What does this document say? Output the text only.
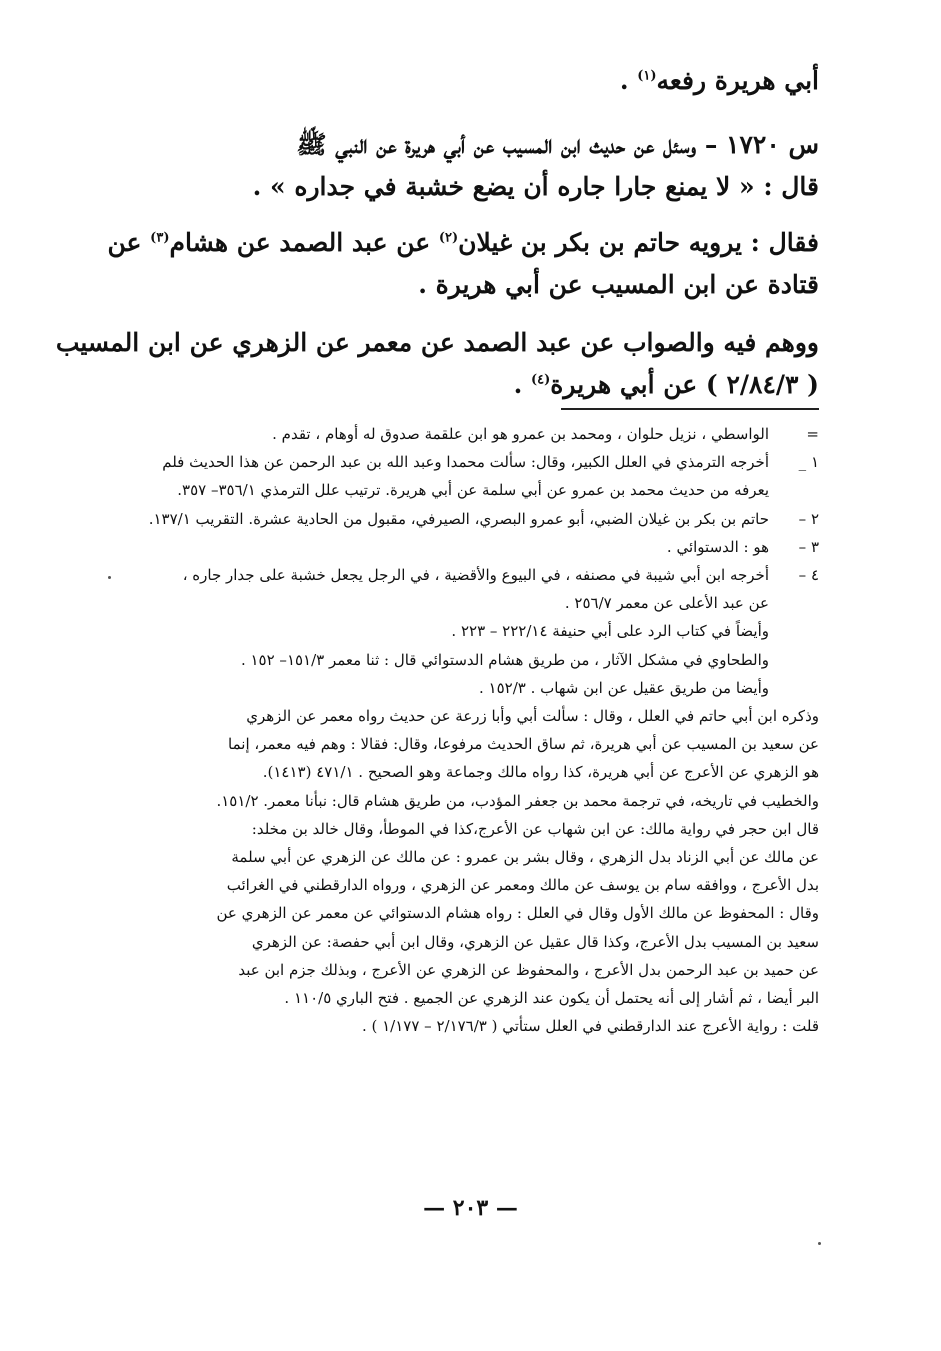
أبي هريرة رفعه$^{(١)}$ .

س ١٧٢٠ – وسئل عن حديث ابن المسيب عن أبي هريرة عن النبي ﷺ

قال : « لا يمنع جارا جاره أن يضع خشبة في جداره » .

فقال : يرويه حاتم بن بكر بن غيلان$^{(٢)}$ عن عبد الصمد عن هشام$^{(٣)}$ عن

قتادة عن ابن المسيب عن أبي هريرة .

ووهم فيه والصواب عن عبد الصمد عن معمر عن الزهري عن ابن المسيب

( ٢/٨٤/٣ ) عن أبي هريرة$^{(٤)}$ .

=
الواسطي ، نزيل حلوان ، ومحمد بن عمرو هو ابن علقمة صدوق له أوهام ، تقدم .
١ _
أخرجه الترمذي في العلل الكبير، وقال: سألت محمدا وعبد الله بن عبد الرحمن عن هذا الحديث فلم
يعرفه من حديث محمد بن عمرو عن أبي سلمة عن أبي هريرة. ترتيب علل الترمذي ٣٥٦/١– ٣٥٧.
٢ –
حاتم بن بكر بن غيلان الضبي، أبو عمرو البصري، الصيرفي، مقبول من الحادية عشرة. التقريب ١٣٧/١.
٣ –
هو : الدستوائي .
٤ –
أخرجه ابن أبي شيبة في مصنفه ، في البيوع والأقضية ، في الرجل يجعل خشبة على جدار جاره ،
عن عبد الأعلى عن معمر ٢٥٦/٧ .
وأيضاً في كتاب الرد على أبي حنيفة ٢٢٢/١٤ – ٢٢٣ .
والطحاوي في مشكل الآثار ، من طريق هشام الدستوائي قال : ثنا معمر ١٥١/٣– ١٥٢ .
وأيضا من طريق عقيل عن ابن شهاب . ١٥٢/٣ .
وذكره ابن أبي حاتم في العلل ، وقال : سألت أبي وأبا زرعة عن حديث رواه معمر عن الزهري
عن سعيد بن المسيب عن أبي هريرة، ثم ساق الحديث مرفوعا، وقال: فقالا : وهم فيه معمر، إنما
هو الزهري عن الأعرج عن أبي هريرة، كذا رواه مالك وجماعة وهو الصحيح . ٤٧١/١ (١٤١٣).
والخطيب في تاريخه، في ترجمة محمد بن جعفر المؤدب، من طريق هشام قال: نبأنا معمر. ١٥١/٢.
قال ابن حجر في رواية مالك: عن ابن شهاب عن الأعرج،كذا في الموطأ، وقال خالد بن مخلد:
عن مالك عن أبي الزناد بدل الزهري ، وقال بشر بن عمرو : عن مالك عن الزهري عن أبي سلمة
بدل الأعرج ، ووافقه سام بن يوسف عن مالك ومعمر عن الزهري ، ورواه الدارقطني في الغرائب
وقال : المحفوظ عن مالك الأول وقال في العلل : رواه هشام الدستوائي عن معمر عن الزهري عن
سعيد بن المسيب بدل الأعرج، وكذا قال عقيل عن الزهري، وقال ابن أبي حفصة: عن الزهري
عن حميد بن عبد الرحمن بدل الأعرج ، والمحفوظ عن الزهري عن الأعرج ، وبذلك جزم ابن عبد
البر أيضا ، ثم أشار إلى أنه يحتمل أن يكون عند الزهري عن الجميع . فتح الباري ١١٠/٥ .
قلت : رواية الأعرج عند الدارقطني في العلل ستأتي ( ٢/١٧٦/٣ – ١/١٧٧ ) .
— ٢٠٣ —
